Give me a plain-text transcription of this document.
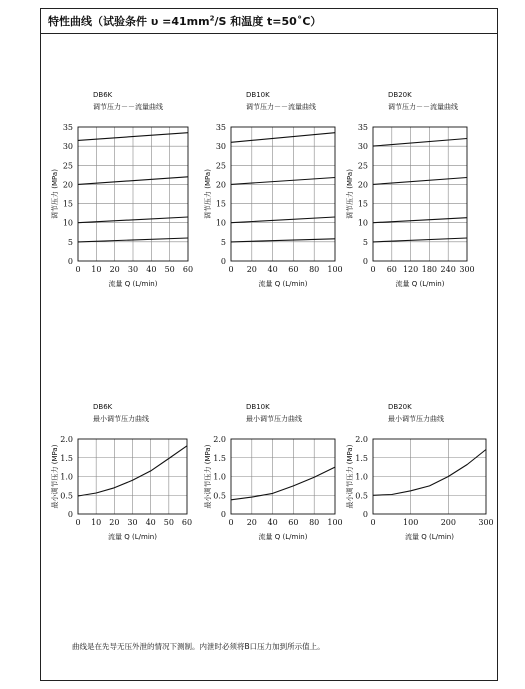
特性曲线（试验条件 $\upsilon =41mm^2/S$ 和温度 t=50˚C）
DB6K
调节压力－－流量曲线
0 10 20 30 40 50 60
0
5
10
15
20
25
30
35
流量 Q (L/min)
调节压力 (MPa)
DB10K
调节压力－－流量曲线
0 20 40 60 80 100
0
5
10
15
20
25
30
35
流量 Q (L/min)
调节压力 (MPa)
DB20K
调节压力－－流量曲线
0 60 120 180 240 300
0
5
10
15
20
25
30
35
流量 Q (L/min)
调节压力 (MPa)
DB6K
最小调节压力曲线
0 10 20 30 40 50 60
0
0.5
1.0
1.5
2.0
流量 Q (L/min)
最小调节压力 (MPa)
DB10K
最小调节压力曲线
0 20 40 60 80 100
0
0.5
1.0
1.5
2.0
流量 Q (L/min)
最小调节压力 (MPa)
DB20K
最小调节压力曲线
0	100	200	300
0
0.5
1.0
1.5
2.0
流量 Q (L/min)
最小调节压力 (MPa)
曲线是在先导无压外泄的情况下测制。内泄时必须将B口压力加到所示值上。
